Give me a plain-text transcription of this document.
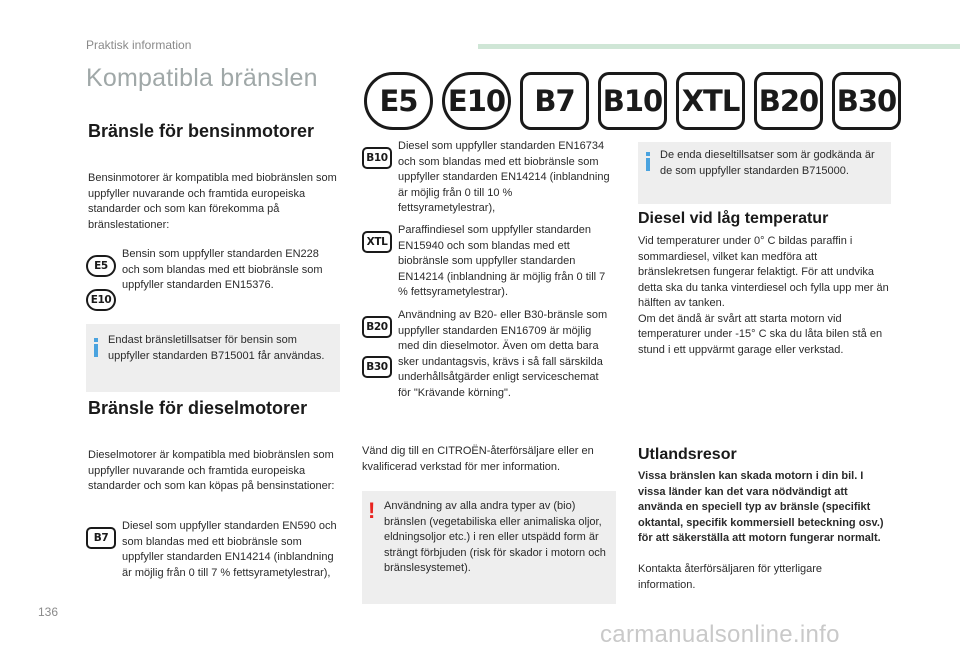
Praktisk information
Kompatibla bränslen
E5	E10	B7 B10 XTL B20 B30
Bränsle för bensinmotorer
Bensinmotorer är kompatibla med biobränslen som uppfyller nuvarande och framtida europeiska standarder och som kan förekomma på bränslestationer:
E5
E10
Bensin som uppfyller standarden EN228 och som blandas med ett biobränsle som uppfyller standarden EN15376.
Endast bränsletillsatser för bensin som uppfyller standarden B715001 får användas.
Bränsle för dieselmotorer
Dieselmotorer är kompatibla med biobränslen som uppfyller nuvarande och framtida europeiska standarder och som kan köpas på bensinstationer:
B7
Diesel som uppfyller standarden EN590 och som blandas med ett biobränsle som uppfyller standarden EN14214 (inblandning är möjlig från 0 till 7 % fettsyrametylestrar),
B10
Diesel som uppfyller standarden EN16734 och som blandas med ett biobränsle som uppfyller standarden EN14214 (inblandning är möjlig från 0 till 10 % fettsyrametylestrar),
XTL
Paraffindiesel som uppfyller standarden EN15940 och som blandas med ett biobränsle som uppfyller standarden EN14214 (inblandning är möjlig från 0 till 7 % fettsyrametylestrar).
B20
B30
Användning av B20- eller B30-bränsle som uppfyller standarden EN16709 är möjlig med din dieselmotor. Även om detta bara sker undantagsvis, krävs i så fall särskilda underhållsåtgärder enligt serviceschemat för "Krävande körning".
Vänd dig till en CITROËN-återförsäljare eller en kvalificerad verkstad för mer information.
! Användning av alla andra typer av (bio) bränslen (vegetabiliska eller animaliska oljor, eldningsoljor etc.) i ren eller utspädd form är strängt förbjuden (risk för skador i motorn och bränslesystemet).
De enda dieseltillsatser som är godkända är de som uppfyller standarden B715000.
Diesel vid låg temperatur
Vid temperaturer under 0° C bildas paraffin i sommardiesel, vilket kan medföra att bränslekretsen fungerar felaktigt. För att undvika detta ska du tanka vinterdiesel och fylla upp mer än hälften av tanken.
Om det ändå är svårt att starta motorn vid temperaturer under -15° C ska du låta bilen stå en stund i ett uppvärmt garage eller verkstad.
Utlandsresor
Vissa bränslen kan skada motorn i din bil. I vissa länder kan det vara nödvändigt att använda en speciell typ av bränsle (specifikt oktantal, specifik kommersiell beteckning osv.) för att säkerställa att motorn fungerar normalt.
Kontakta återförsäljaren för ytterligare information.
136
carmanualsonline.info
